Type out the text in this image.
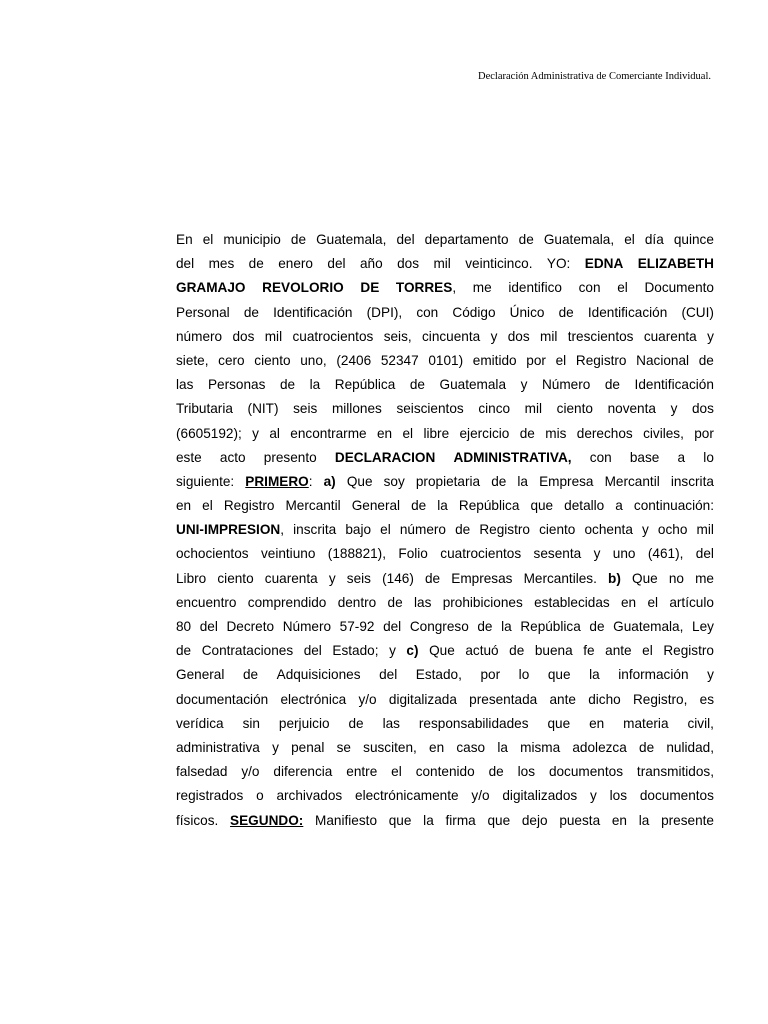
Declaración Administrativa de Comerciante Individual.
En el municipio de Guatemala, del departamento de Guatemala, el día quince
del mes de enero del año dos mil veinticinco. YO: EDNA ELIZABETH
GRAMAJO REVOLORIO DE TORRES, me identifico con el Documento
Personal de Identificación (DPI), con Código Único de Identificación (CUI)
número dos mil cuatrocientos seis, cincuenta y dos mil trescientos cuarenta y
siete, cero ciento uno, (2406 52347 0101) emitido por el Registro Nacional de
las Personas de la República de Guatemala y Número de Identificación
Tributaria (NIT) seis millones seiscientos cinco mil ciento noventa y dos
(6605192); y al encontrarme en el libre ejercicio de mis derechos civiles, por
este acto presento DECLARACION ADMINISTRATIVA, con base a lo
siguiente: PRIMERO: a) Que soy propietaria de la Empresa Mercantil inscrita
en el Registro Mercantil General de la República que detallo a continuación:
UNI-IMPRESION, inscrita bajo el número de Registro ciento ochenta y ocho mil
ochocientos veintiuno (188821), Folio cuatrocientos sesenta y uno (461), del
Libro ciento cuarenta y seis (146) de Empresas Mercantiles. b) Que no me
encuentro comprendido dentro de las prohibiciones establecidas en el artículo
80 del Decreto Número 57-92 del Congreso de la República de Guatemala, Ley
de Contrataciones del Estado; y c) Que actuó de buena fe ante el Registro
General de Adquisiciones del Estado, por lo que la información y
documentación electrónica y/o digitalizada presentada ante dicho Registro, es
verídica sin perjuicio de las responsabilidades que en materia civil,
administrativa y penal se susciten, en caso la misma adolezca de nulidad,
falsedad y/o diferencia entre el contenido de los documentos transmitidos,
registrados o archivados electrónicamente y/o digitalizados y los documentos
físicos. SEGUNDO: Manifiesto que la firma que dejo puesta en la presente
